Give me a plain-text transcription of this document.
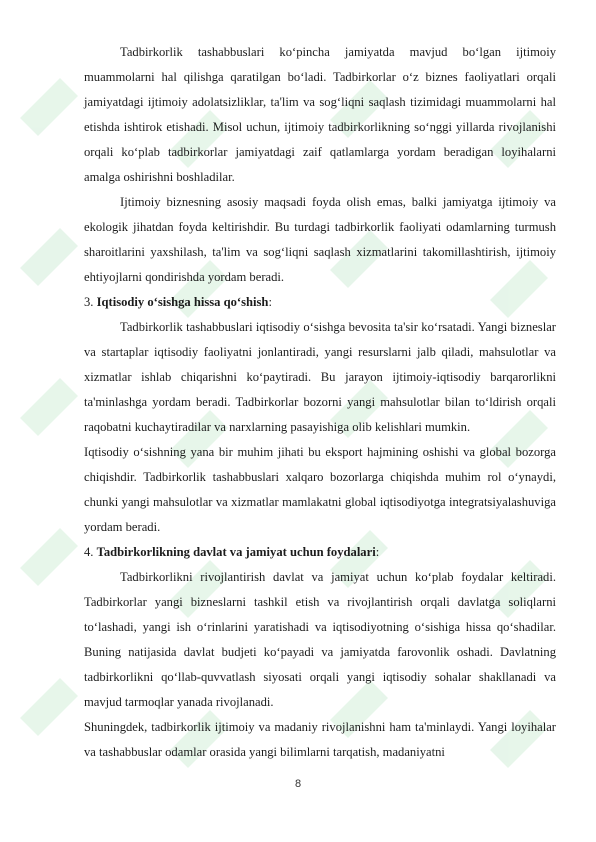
Tadbirkorlik tashabbuslari ko‘pincha jamiyatda mavjud bo‘lgan ijtimoiy muammolarni hal qilishga qaratilgan bo‘ladi. Tadbirkorlar o‘z biznes faoliyatlari orqali jamiyatdagi ijtimoiy adolatsizliklar, ta'lim va sog‘liqni saqlash tizimidagi muammolarni hal etishda ishtirok etishadi. Misol uchun, ijtimoiy tadbirkorlikning so‘nggi yillarda rivojlanishi orqali ko‘plab tadbirkorlar jamiyatdagi zaif qatlamlarga yordam beradigan loyihalarni amalga oshirishni boshladilar.

Ijtimoiy biznesning asosiy maqsadi foyda olish emas, balki jamiyatga ijtimoiy va ekologik jihatdan foyda keltirishdir. Bu turdagi tadbirkorlik faoliyati odamlarning turmush sharoitlarini yaxshilash, ta'lim va sog‘liqni saqlash xizmatlarini takomillashtirish, ijtimoiy ehtiyojlarni qondirishda yordam beradi.

3. Iqtisodiy o‘sishga hissa qo‘shish:

Tadbirkorlik tashabbuslari iqtisodiy o‘sishga bevosita ta'sir ko‘rsatadi. Yangi bizneslar va startaplar iqtisodiy faoliyatni jonlantiradi, yangi resurslarni jalb qiladi, mahsulotlar va xizmatlar ishlab chiqarishni ko‘paytiradi. Bu jarayon ijtimoiy-iqtisodiy barqarorlikni ta'minlashga yordam beradi. Tadbirkorlar bozorni yangi mahsulotlar bilan to‘ldirish orqali raqobatni kuchaytiradilar va narxlarning pasayishiga olib kelishlari mumkin.

Iqtisodiy o‘sishning yana bir muhim jihati bu eksport hajmining oshishi va global bozorga chiqishdir. Tadbirkorlik tashabbuslari xalqaro bozorlarga chiqishda muhim rol o‘ynaydi, chunki yangi mahsulotlar va xizmatlar mamlakatni global iqtisodiyotga integratsiyalashuviga yordam beradi.

4. Tadbirkorlikning davlat va jamiyat uchun foydalari:

Tadbirkorlikni rivojlantirish davlat va jamiyat uchun ko‘plab foydalar keltiradi. Tadbirkorlar yangi bizneslarni tashkil etish va rivojlantirish orqali davlatga soliqlarni to‘lashadi, yangi ish o‘rinlarini yaratishadi va iqtisodiyotning o‘sishiga hissa qo‘shadilar. Buning natijasida davlat budjeti ko‘payadi va jamiyatda farovonlik oshadi. Davlatning tadbirkorlikni qo‘llab-quvvatlash siyosati orqali yangi iqtisodiy sohalar shakllanadi va mavjud tarmoqlar yanada rivojlanadi.

Shuningdek, tadbirkorlik ijtimoiy va madaniy rivojlanishni ham ta'minlaydi. Yangi loyihalar va tashabbuslar odamlar orasida yangi bilimlarni tarqatish, madaniyatni

8
